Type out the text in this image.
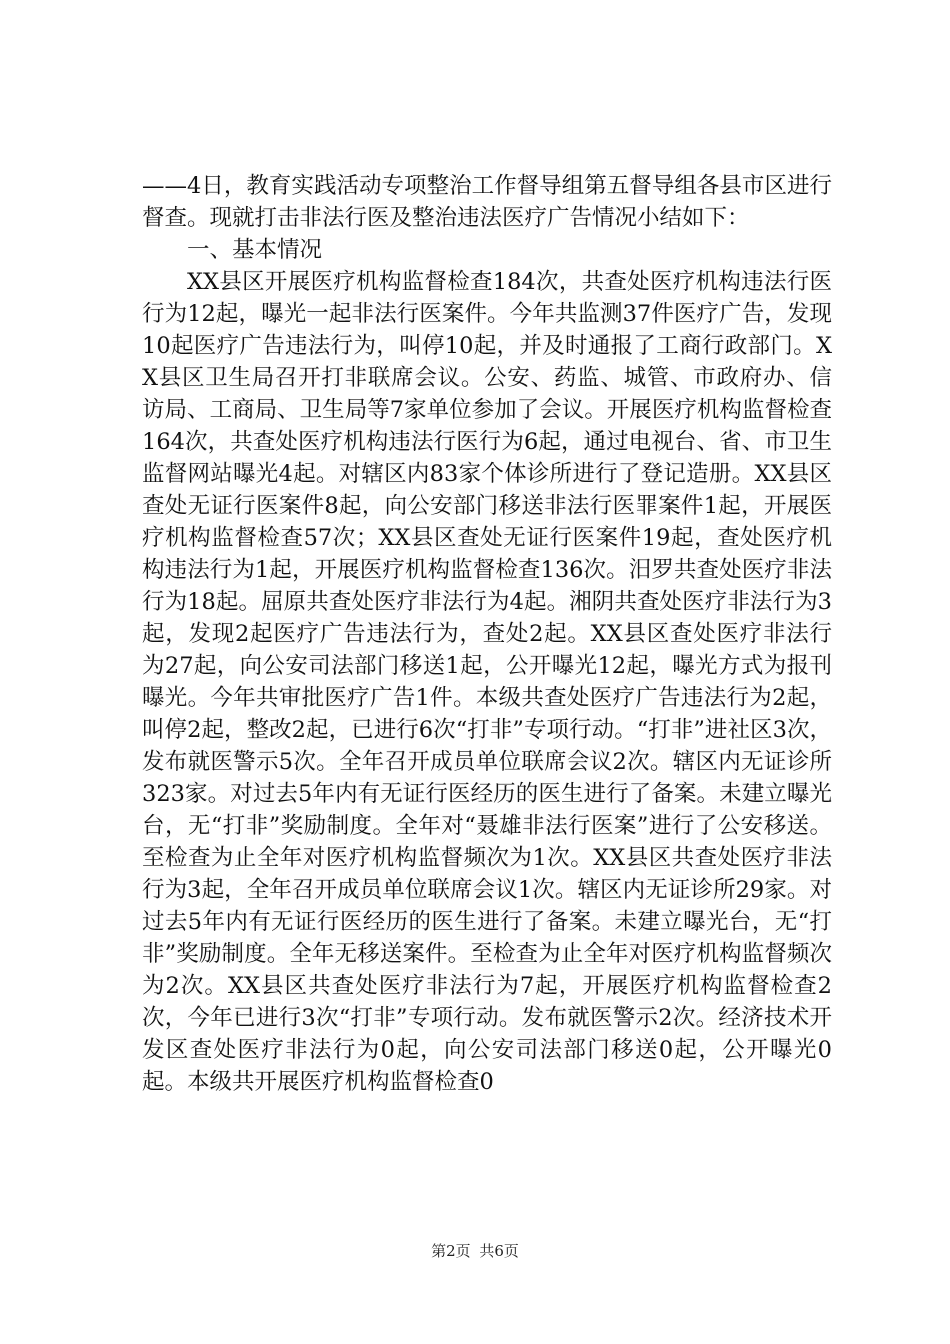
——4日，教育实践活动专项整治工作督导组第五督导组各县市区进行督查。现就打击非法行医及整治违法医疗广告情况小结如下：

一、基本情况

XX县区开展医疗机构监督检查184次，共查处医疗机构违法行医行为12起，曝光一起非法行医案件。今年共监测37件医疗广告，发现10起医疗广告违法行为，叫停10起，并及时通报了工商行政部门。XX县区卫生局召开打非联席会议。公安、药监、城管、市政府办、信访局、工商局、卫生局等7家单位参加了会议。开展医疗机构监督检查164次，共查处医疗机构违法行医行为6起，通过电视台、省、市卫生监督网站曝光4起。对辖区内83家个体诊所进行了登记造册。XX县区查处无证行医案件8起，向公安部门移送非法行医罪案件1起，开展医疗机构监督检查57次；XX县区查处无证行医案件19起，查处医疗机构违法行为1起，开展医疗机构监督检查136次。汨罗共查处医疗非法行为18起。屈原共查处医疗非法行为4起。湘阴共查处医疗非法行为3起，发现2起医疗广告违法行为，查处2起。XX县区查处医疗非法行为27起，向公安司法部门移送1起，公开曝光12起，曝光方式为报刊曝光。今年共审批医疗广告1件。本级共查处医疗广告违法行为2起，叫停2起，整改2起，已进行6次“打非”专项行动。“打非”进社区3次，发布就医警示5次。全年召开成员单位联席会议2次。辖区内无证诊所323家。对过去5年内有无证行医经历的医生进行了备案。未建立曝光台，无“打非”奖励制度。全年对“聂雄非法行医案”进行了公安移送。至检查为止全年对医疗机构监督频次为1次。XX县区共查处医疗非法行为3起，全年召开成员单位联席会议1次。辖区内无证诊所29家。对过去5年内有无证行医经历的医生进行了备案。未建立曝光台，无“打非”奖励制度。全年无移送案件。至检查为止全年对医疗机构监督频次为2次。XX县区共查处医疗非法行为7起，开展医疗机构监督检查2次，今年已进行3次“打非”专项行动。发布就医警示2次。经济技术开发区查处医疗非法行为0起，向公安司法部门移送0起，公开曝光0起。本级共开展医疗机构监督检查0

第2页 共6页
